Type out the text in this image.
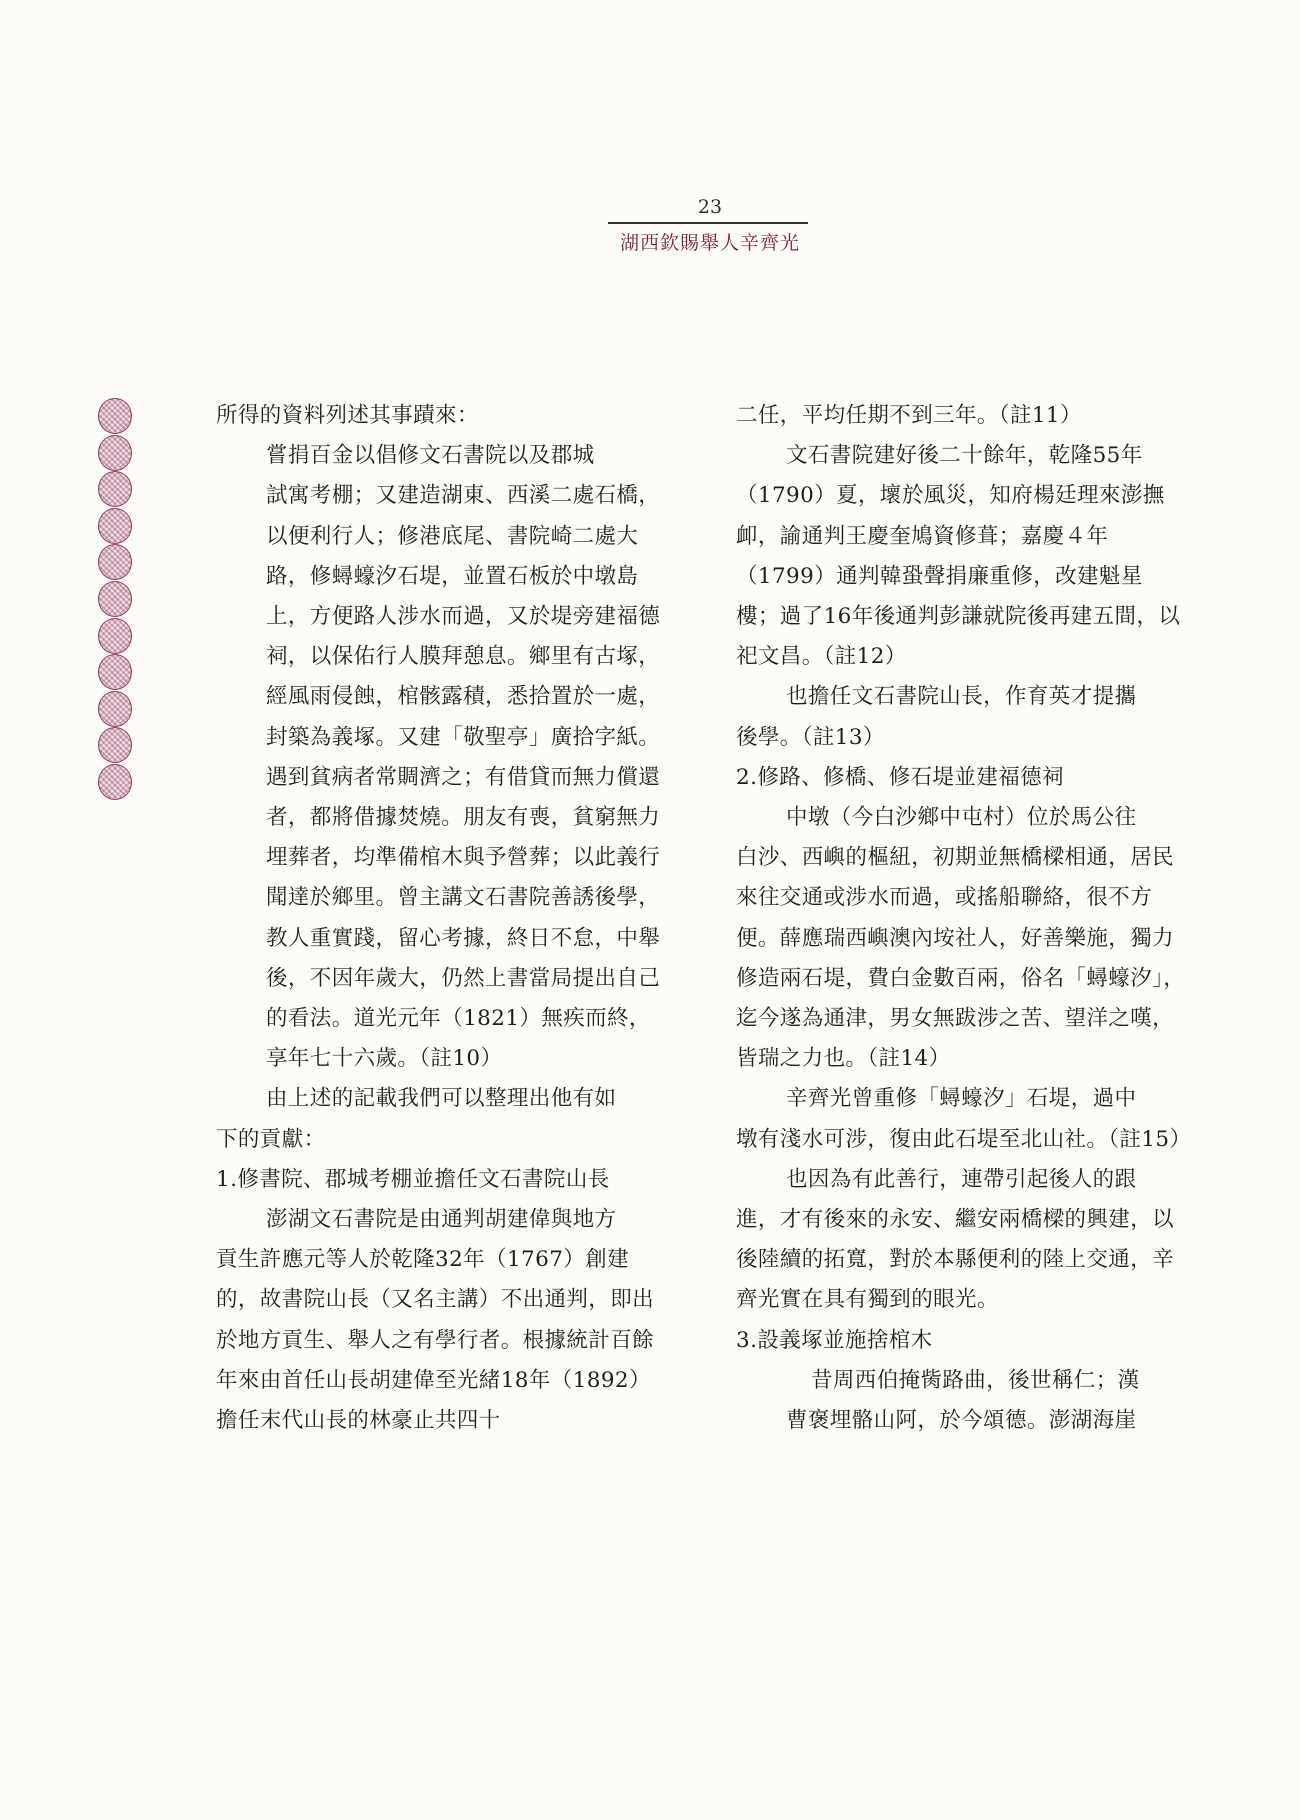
23
湖西欽賜舉人辛齊光

所得的資料列述其事蹟來：

嘗捐百金以倡修文石書院以及郡城

試寓考棚；又建造湖東、西溪二處石橋，以便利行人；修港底尾、書院崎二處大路，修蟳蠔汐石堤，並置石板於中墩島上，方便路人涉水而過，又於堤旁建福德祠，以保佑行人膜拜憩息。鄉里有古塚，經風雨侵蝕，棺骸露積，悉拾置於一處，封築為義塚。又建「敬聖亭」廣拾字紙。遇到貧病者常賙濟之；有借貸而無力償還者，都將借據焚燒。朋友有喪，貧窮無力埋葬者，均準備棺木與予營葬；以此義行聞達於鄉里。曾主講文石書院善誘後學，教人重實踐，留心考據，終日不怠，中舉後，不因年歲大，仍然上書當局提出自己的看法。道光元年（1821）無疾而終，享年七十六歲。（註10）

由上述的記載我們可以整理出他有如

下的貢獻：

1.修書院、郡城考棚並擔任文石書院山長

澎湖文石書院是由通判胡建偉與地方

貢生許應元等人於乾隆32年（1767）創建的，故書院山長（又名主講）不出通判，即出於地方貢生、舉人之有學行者。根據統計百餘年來由首任山長胡建偉至光緒18年（1892）擔任末代山長的林豪止共四十

二任，平均任期不到三年。（註11）

文石書院建好後二十餘年，乾隆55年

（1790）夏，壞於風災，知府楊廷理來澎撫卹，諭通判王慶奎鳩資修葺；嘉慶４年（1799）通判韓蛩聲捐廉重修，改建魁星樓；過了16年後通判彭謙就院後再建五間，以祀文昌。（註12）

也擔任文石書院山長，作育英才提攜

後學。（註13）

2.修路、修橋、修石堤並建福德祠

中墩（今白沙鄉中屯村）位於馬公往

白沙、西嶼的樞紐，初期並無橋樑相通，居民來往交通或涉水而過，或搖船聯絡，很不方便。薛應瑞西嶼澳內垵社人，好善樂施，獨力修造兩石堤，費白金數百兩，俗名「蟳蠔汐」，迄今遂為通津，男女無跋涉之苦、望洋之嘆，皆瑞之力也。（註14）

辛齊光曾重修「蟳蠔汐」石堤，過中

墩有淺水可涉，復由此石堤至北山社。（註15）

也因為有此善行，連帶引起後人的跟

進，才有後來的永安、繼安兩橋樑的興建，以後陸續的拓寬，對於本縣便利的陸上交通，辛齊光實在具有獨到的眼光。

3.設義塚並施捨棺木

昔周西伯掩胔路曲，後世稱仁；漢

曹褒埋骼山阿，於今頌德。澎湖海崖
